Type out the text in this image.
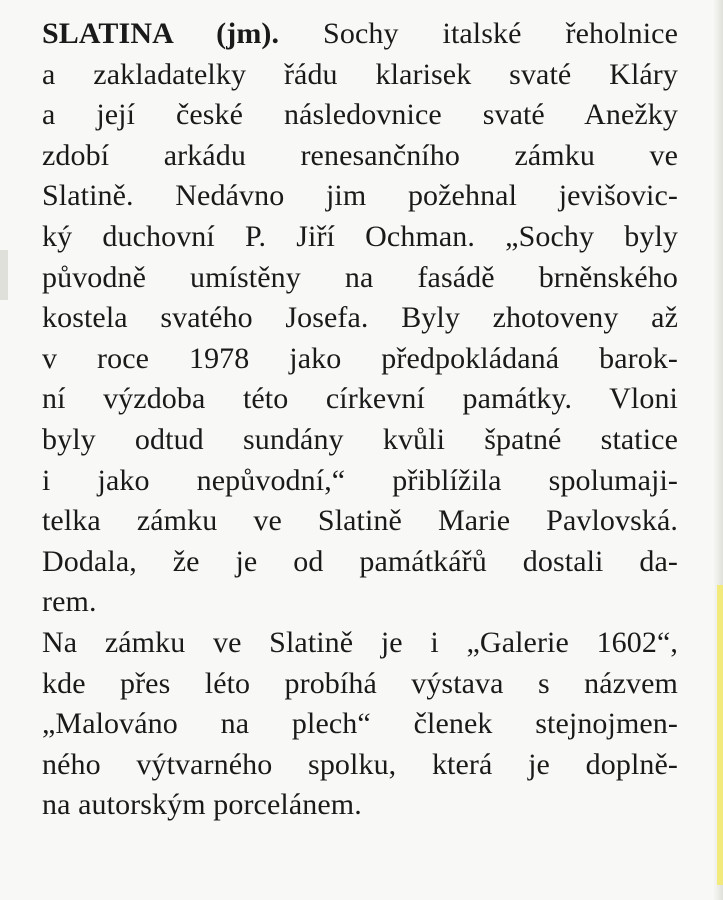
SLATINA (jm). Sochy italské řeholnice
a zakladatelky řádu klarisek svaté Kláry
a její české následovnice svaté Anežky
zdobí arkádu renesančního zámku ve
Slatině. Nedávno jim požehnal jevišovic-
ký duchovní P. Jiří Ochman. „Sochy byly
původně umístěny na fasádě brněnského
kostela svatého Josefa. Byly zhotoveny až
v roce 1978 jako předpokládaná barok-
ní výzdoba této církevní památky. Vloni
byly odtud sundány kvůli špatné statice
i jako nepůvodní,“ přiblížila spolumaji-
telka zámku ve Slatině Marie Pavlovská.
Dodala, že je od památkářů dostali da-
rem.
Na zámku ve Slatině je i „Galerie 1602“,
kde přes léto probíhá výstava s názvem
„Malováno na plech“ členek stejnojmen-
ného výtvarného spolku, která je doplně-
na autorským porcelánem.
